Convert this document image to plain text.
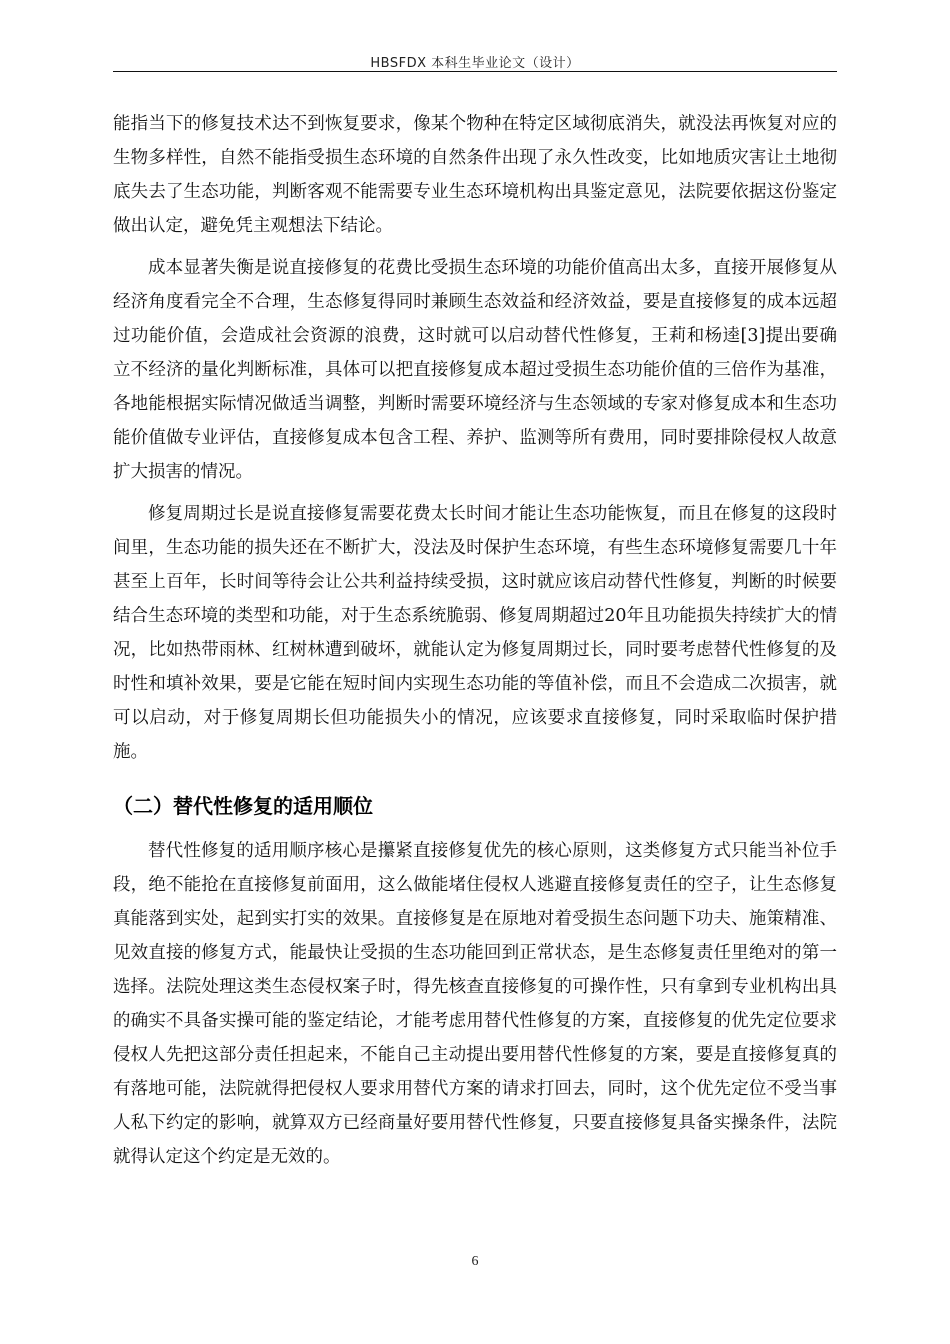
HBSFDX 本科生毕业论文（设计）

能指当下的修复技术达不到恢复要求，像某个物种在特定区域彻底消失，就没法再恢复对应的生物多样性，自然不能指受损生态环境的自然条件出现了永久性改变，比如地质灾害让土地彻底失去了生态功能，判断客观不能需要专业生态环境机构出具鉴定意见，法院要依据这份鉴定做出认定，避免凭主观想法下结论。

成本显著失衡是说直接修复的花费比受损生态环境的功能价值高出太多，直接开展修复从经济角度看完全不合理，生态修复得同时兼顾生态效益和经济效益，要是直接修复的成本远超过功能价值，会造成社会资源的浪费，这时就可以启动替代性修复，王莉和杨逵[3]提出要确立不经济的量化判断标准，具体可以把直接修复成本超过受损生态功能价值的三倍作为基准，各地能根据实际情况做适当调整，判断时需要环境经济与生态领域的专家对修复成本和生态功能价值做专业评估，直接修复成本包含工程、养护、监测等所有费用，同时要排除侵权人故意扩大损害的情况。

修复周期过长是说直接修复需要花费太长时间才能让生态功能恢复，而且在修复的这段时间里，生态功能的损失还在不断扩大，没法及时保护生态环境，有些生态环境修复需要几十年甚至上百年，长时间等待会让公共利益持续受损，这时就应该启动替代性修复，判断的时候要结合生态环境的类型和功能，对于生态系统脆弱、修复周期超过20年且功能损失持续扩大的情况，比如热带雨林、红树林遭到破坏，就能认定为修复周期过长，同时要考虑替代性修复的及时性和填补效果，要是它能在短时间内实现生态功能的等值补偿，而且不会造成二次损害，就可以启动，对于修复周期长但功能损失小的情况，应该要求直接修复，同时采取临时保护措施。

（二）替代性修复的适用顺位

替代性修复的适用顺序核心是攥紧直接修复优先的核心原则，这类修复方式只能当补位手段，绝不能抢在直接修复前面用，这么做能堵住侵权人逃避直接修复责任的空子，让生态修复真能落到实处，起到实打实的效果。直接修复是在原地对着受损生态问题下功夫、施策精准、见效直接的修复方式，能最快让受损的生态功能回到正常状态，是生态修复责任里绝对的第一选择。法院处理这类生态侵权案子时，得先核查直接修复的可操作性，只有拿到专业机构出具的确实不具备实操可能的鉴定结论，才能考虑用替代性修复的方案，直接修复的优先定位要求侵权人先把这部分责任担起来，不能自己主动提出要用替代性修复的方案，要是直接修复真的有落地可能，法院就得把侵权人要求用替代方案的请求打回去，同时，这个优先定位不受当事人私下约定的影响，就算双方已经商量好要用替代性修复，只要直接修复具备实操条件，法院就得认定这个约定是无效的。

6
